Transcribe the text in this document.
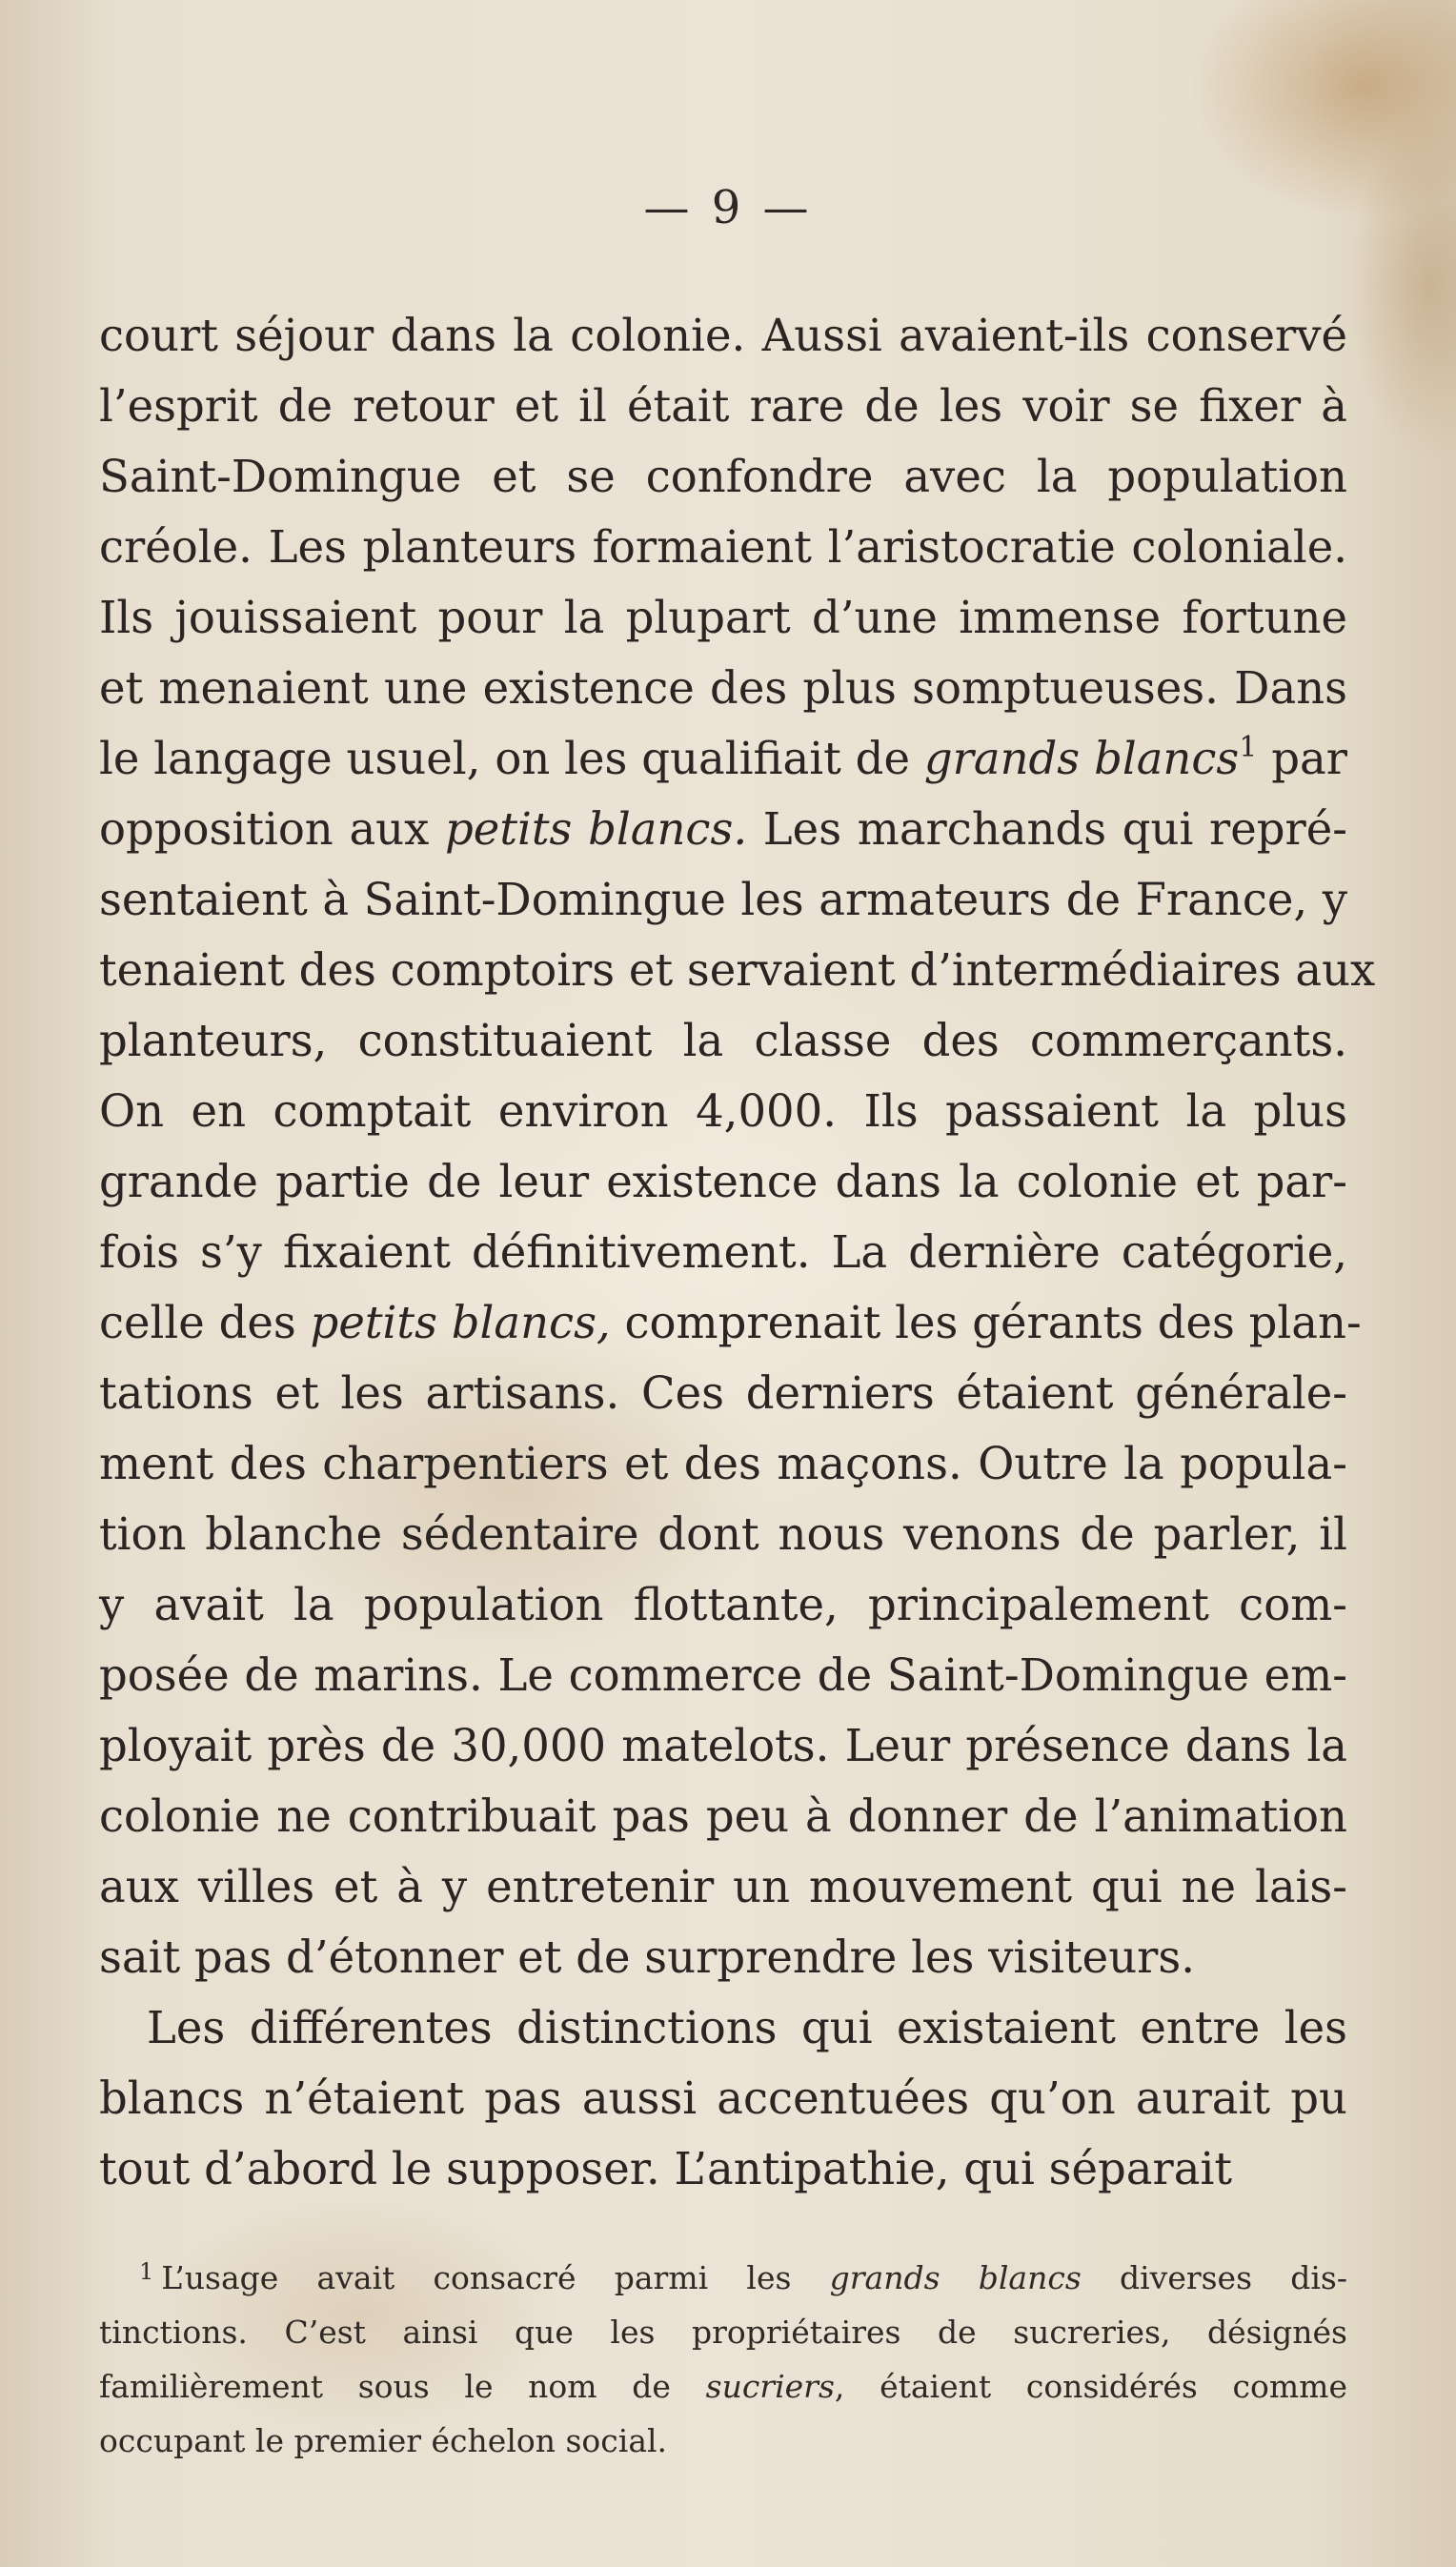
— 9 —
court séjour dans la colonie. Aussi avaient-ils conservé
l’esprit de retour et il était rare de les voir se fixer à
Saint-Domingue et se confondre avec la population
créole. Les planteurs formaient l’aristocratie coloniale.
Ils jouissaient pour la plupart d’une immense fortune
et menaient une existence des plus somptueuses. Dans
le langage usuel, on les qualifiait de grands blancs$^1$ par
opposition aux petits blancs. Les marchands qui repré-
sentaient à Saint-Domingue les armateurs de France, y
tenaient des comptoirs et servaient d’intermédiaires aux
planteurs, constituaient la classe des commerçants.
On en comptait environ 4,000. Ils passaient la plus
grande partie de leur existence dans la colonie et par-
fois s’y fixaient définitivement. La dernière catégorie,
celle des petits blancs, comprenait les gérants des plan-
tations et les artisans. Ces derniers étaient générale-
ment des charpentiers et des maçons. Outre la popula-
tion blanche sédentaire dont nous venons de parler, il
y avait la population flottante, principalement com-
posée de marins. Le commerce de Saint-Domingue em-
ployait près de 30,000 matelots. Leur présence dans la
colonie ne contribuait pas peu à donner de l’animation
aux villes et à y entretenir un mouvement qui ne lais-
sait pas d’étonner et de surprendre les visiteurs.
Les différentes distinctions qui existaient entre les
blancs n’étaient pas aussi accentuées qu’on aurait pu
tout d’abord le supposer. L’antipathie, qui séparait
$^1$ L’usage avait consacré parmi les grands blancs diverses dis-
tinctions. C’est ainsi que les propriétaires de sucreries, désignés
familièrement sous le nom de sucriers, étaient considérés comme
occupant le premier échelon social.
